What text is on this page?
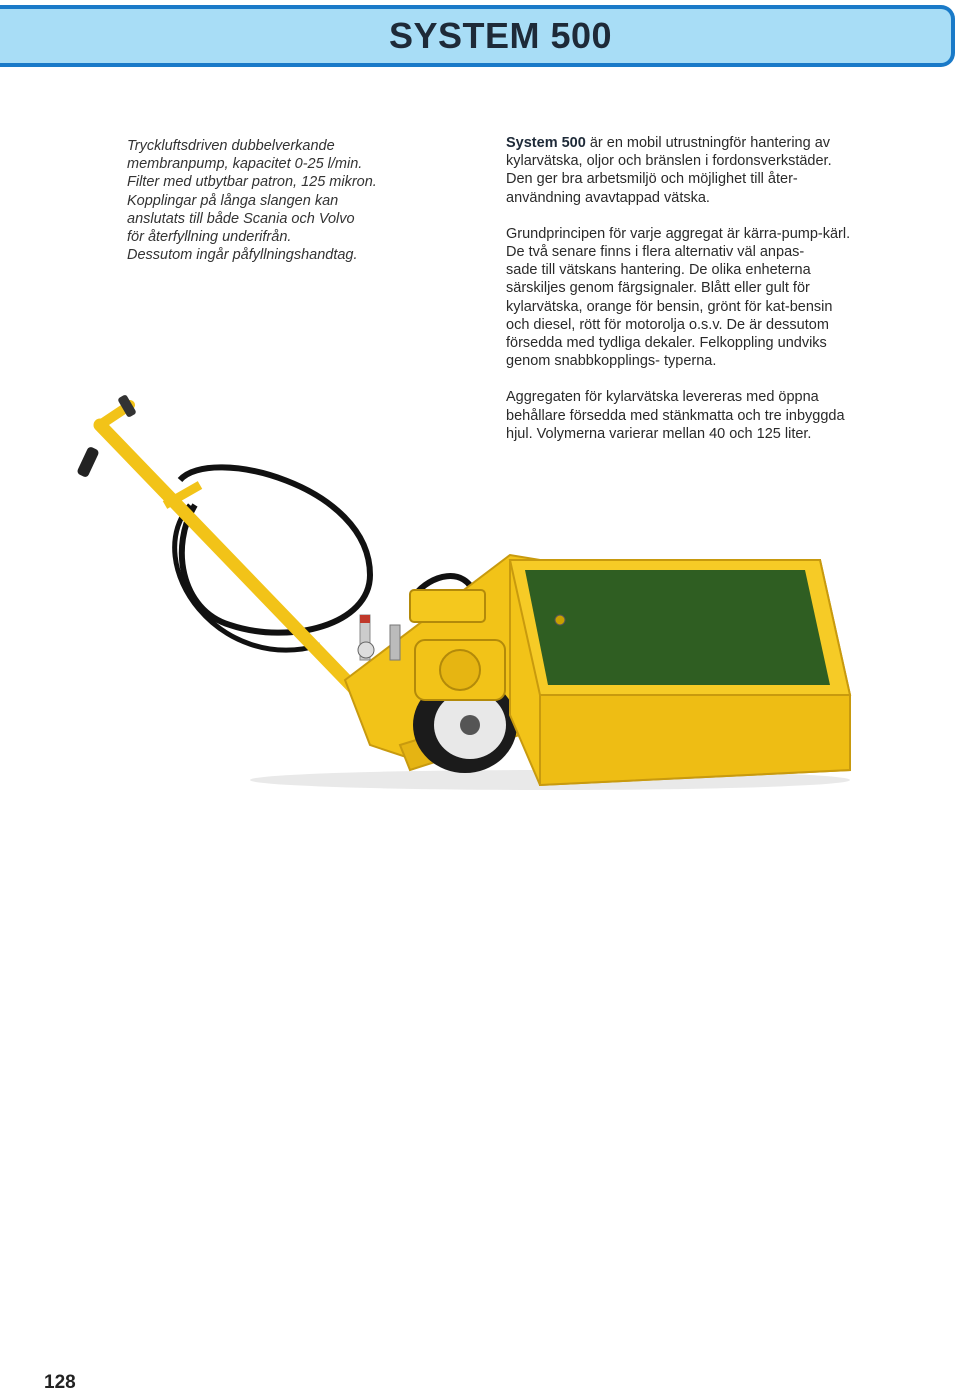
SYSTEM 500

Tryckluftsdriven dubbelverkande

membranpump, kapacitet 0-25 l/min.

Filter med utbytbar patron, 125 mikron.

Kopplingar på långa slangen kan

anslutats till både Scania och Volvo

för återfyllning underifrån.

Dessutom ingår påfyllningshandtag.

System 500 är en mobil utrustningför hantering av
kylarvätska, oljor och bränslen i fordonsverkstäder.
Den ger bra arbetsmiljö och möjlighet till åter-
användning avavtappad vätska.

Grundprincipen för varje aggregat är kärra-pump-kärl.
De två senare finns i flera alternativ väl anpas-
sade till vätskans hantering. De olika enheterna
särskiljes genom färgsignaler. Blått eller gult för
kylarvätska, orange för bensin, grönt för kat-bensin
och diesel, rött för motorolja o.s.v. De är dessutom
försedda med tydliga dekaler. Felkoppling undviks
genom snabbkopplings- typerna.

Aggregaten för kylarvätska levereras med öppna
behållare försedda med stänkmatta och tre inbyggda
hjul. Volymerna varierar mellan 40 och 125 liter.

128
